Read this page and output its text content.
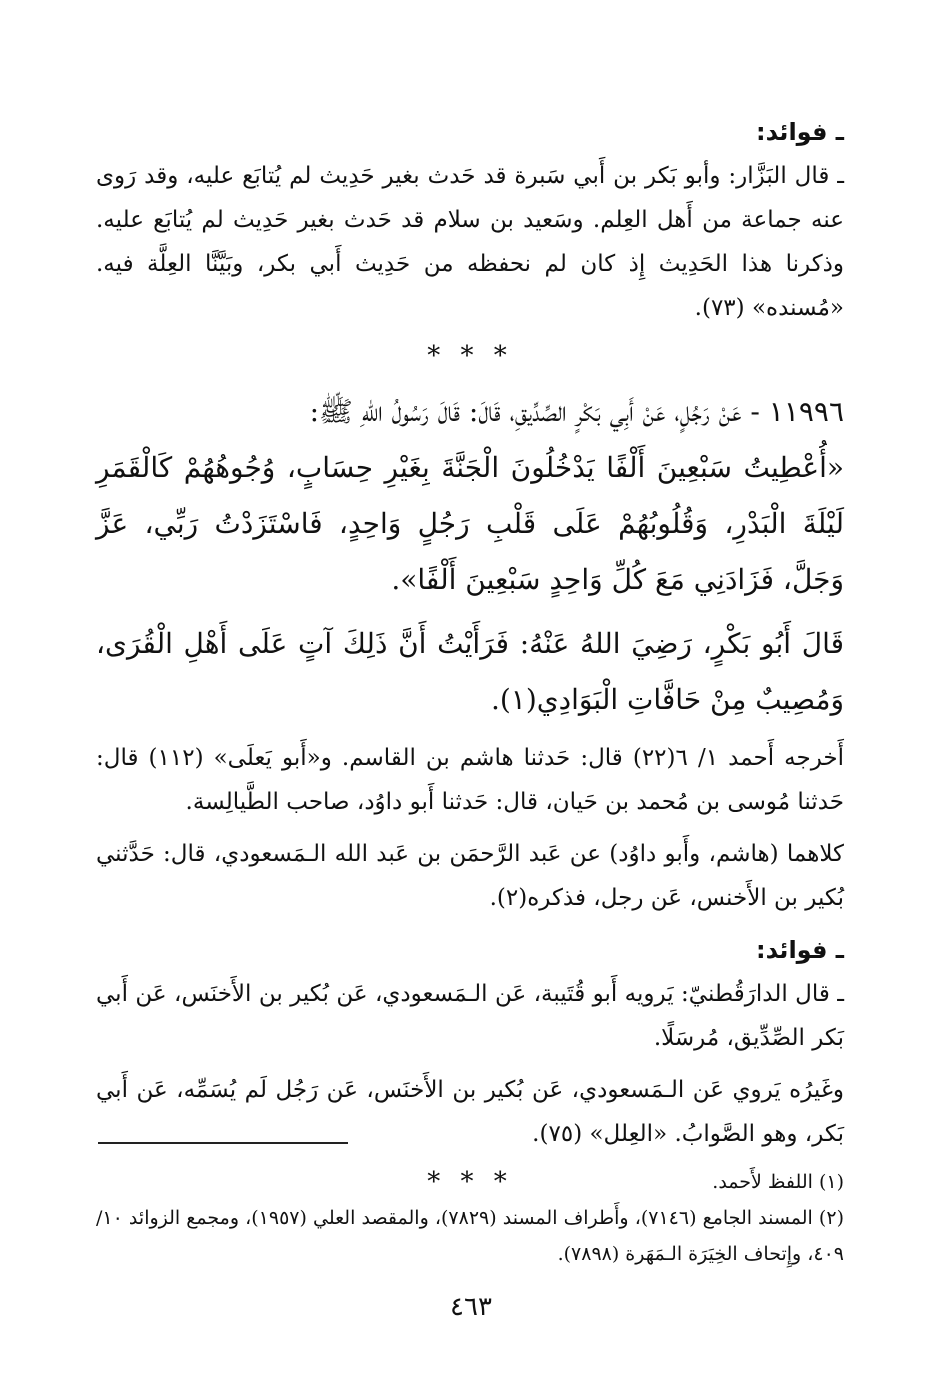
ـ فوائد:

ـ قال البَزَّار: وأبو بَكر بن أَبي سَبرة قد حَدث بغير حَدِيث لم يُتابَع عليه، وقد رَوى عنه جماعة من أَهل العِلم. وسَعيد بن سلام قد حَدث بغير حَدِيث لم يُتابَع عليه. وذكرنا هذا الحَدِيث إِذ كان لم نحفظه من حَدِيث أَبي بكر، وبَيَّنَّا العِلَّة فيه. «مُسنده» (٧٣).

* * *

١١٩٩٦ - عَنْ رَجُلٍ، عَنْ أَبِي بَكْرٍ الصِّدِّيقِ، قَالَ: قَالَ رَسُولُ اللهِ ﷺ:

«أُعْطِيتُ سَبْعِينَ أَلْفًا يَدْخُلُونَ الْجَنَّةَ بِغَيْرِ حِسَابٍ، وُجُوهُهُمْ كَالْقَمَرِ لَيْلَةَ الْبَدْرِ، وَقُلُوبُهُمْ عَلَى قَلْبِ رَجُلٍ وَاحِدٍ، فَاسْتَزَدْتُ رَبِّي، عَزَّ وَجَلَّ، فَزَادَنِي مَعَ كُلِّ وَاحِدٍ سَبْعِينَ أَلْفًا».

قَالَ أَبُو بَكْرٍ، رَضِيَ اللهُ عَنْهُ: فَرَأَيْتُ أَنَّ ذَلِكَ آتٍ عَلَى أَهْلِ الْقُرَى، وَمُصِيبٌ مِنْ حَافَّاتِ الْبَوَادِي(١).

أَخرجه أَحمد ١/ ٦(٢٢) قال: حَدثنا هاشم بن القاسم. و«أَبو يَعلَى» (١١٢) قال: حَدثنا مُوسى بن مُحمد بن حَيان، قال: حَدثنا أَبو داوُد، صاحب الطَّيالِسة.

كلاهما (هاشم، وأَبو داوُد) عن عَبد الرَّحمَن بن عَبد الله الـمَسعودي، قال: حَدَّثني بُكير بن الأَخنس، عَن رجل، فذكره(٢).

ـ فوائد:

ـ قال الدارَقُطنيّ: يَرويه أَبو قُتَيبة، عَن الـمَسعودي، عَن بُكير بن الأَخنَس، عَن أَبي بَكر الصِّدِّيق، مُرسَلًا.

وغَيرُه يَروي عَن الـمَسعودي، عَن بُكير بن الأَخنَس، عَن رَجُل لَم يُسَمِّه، عَن أَبي بَكر، وهو الصَّوابُ. «العِلل» (٧٥).

* * *	(١) اللفظ لأَحمد.

(٢) المسند الجامع (٧١٤٦)، وأَطراف المسند (٧٨٢٩)، والمقصد العلي (١٩٥٧)، ومجمع الزوائد ١٠/ ٤٠٩، وإِتحاف الخِيَرَة الـمَهَرة (٧٨٩٨).

٤٦٣
